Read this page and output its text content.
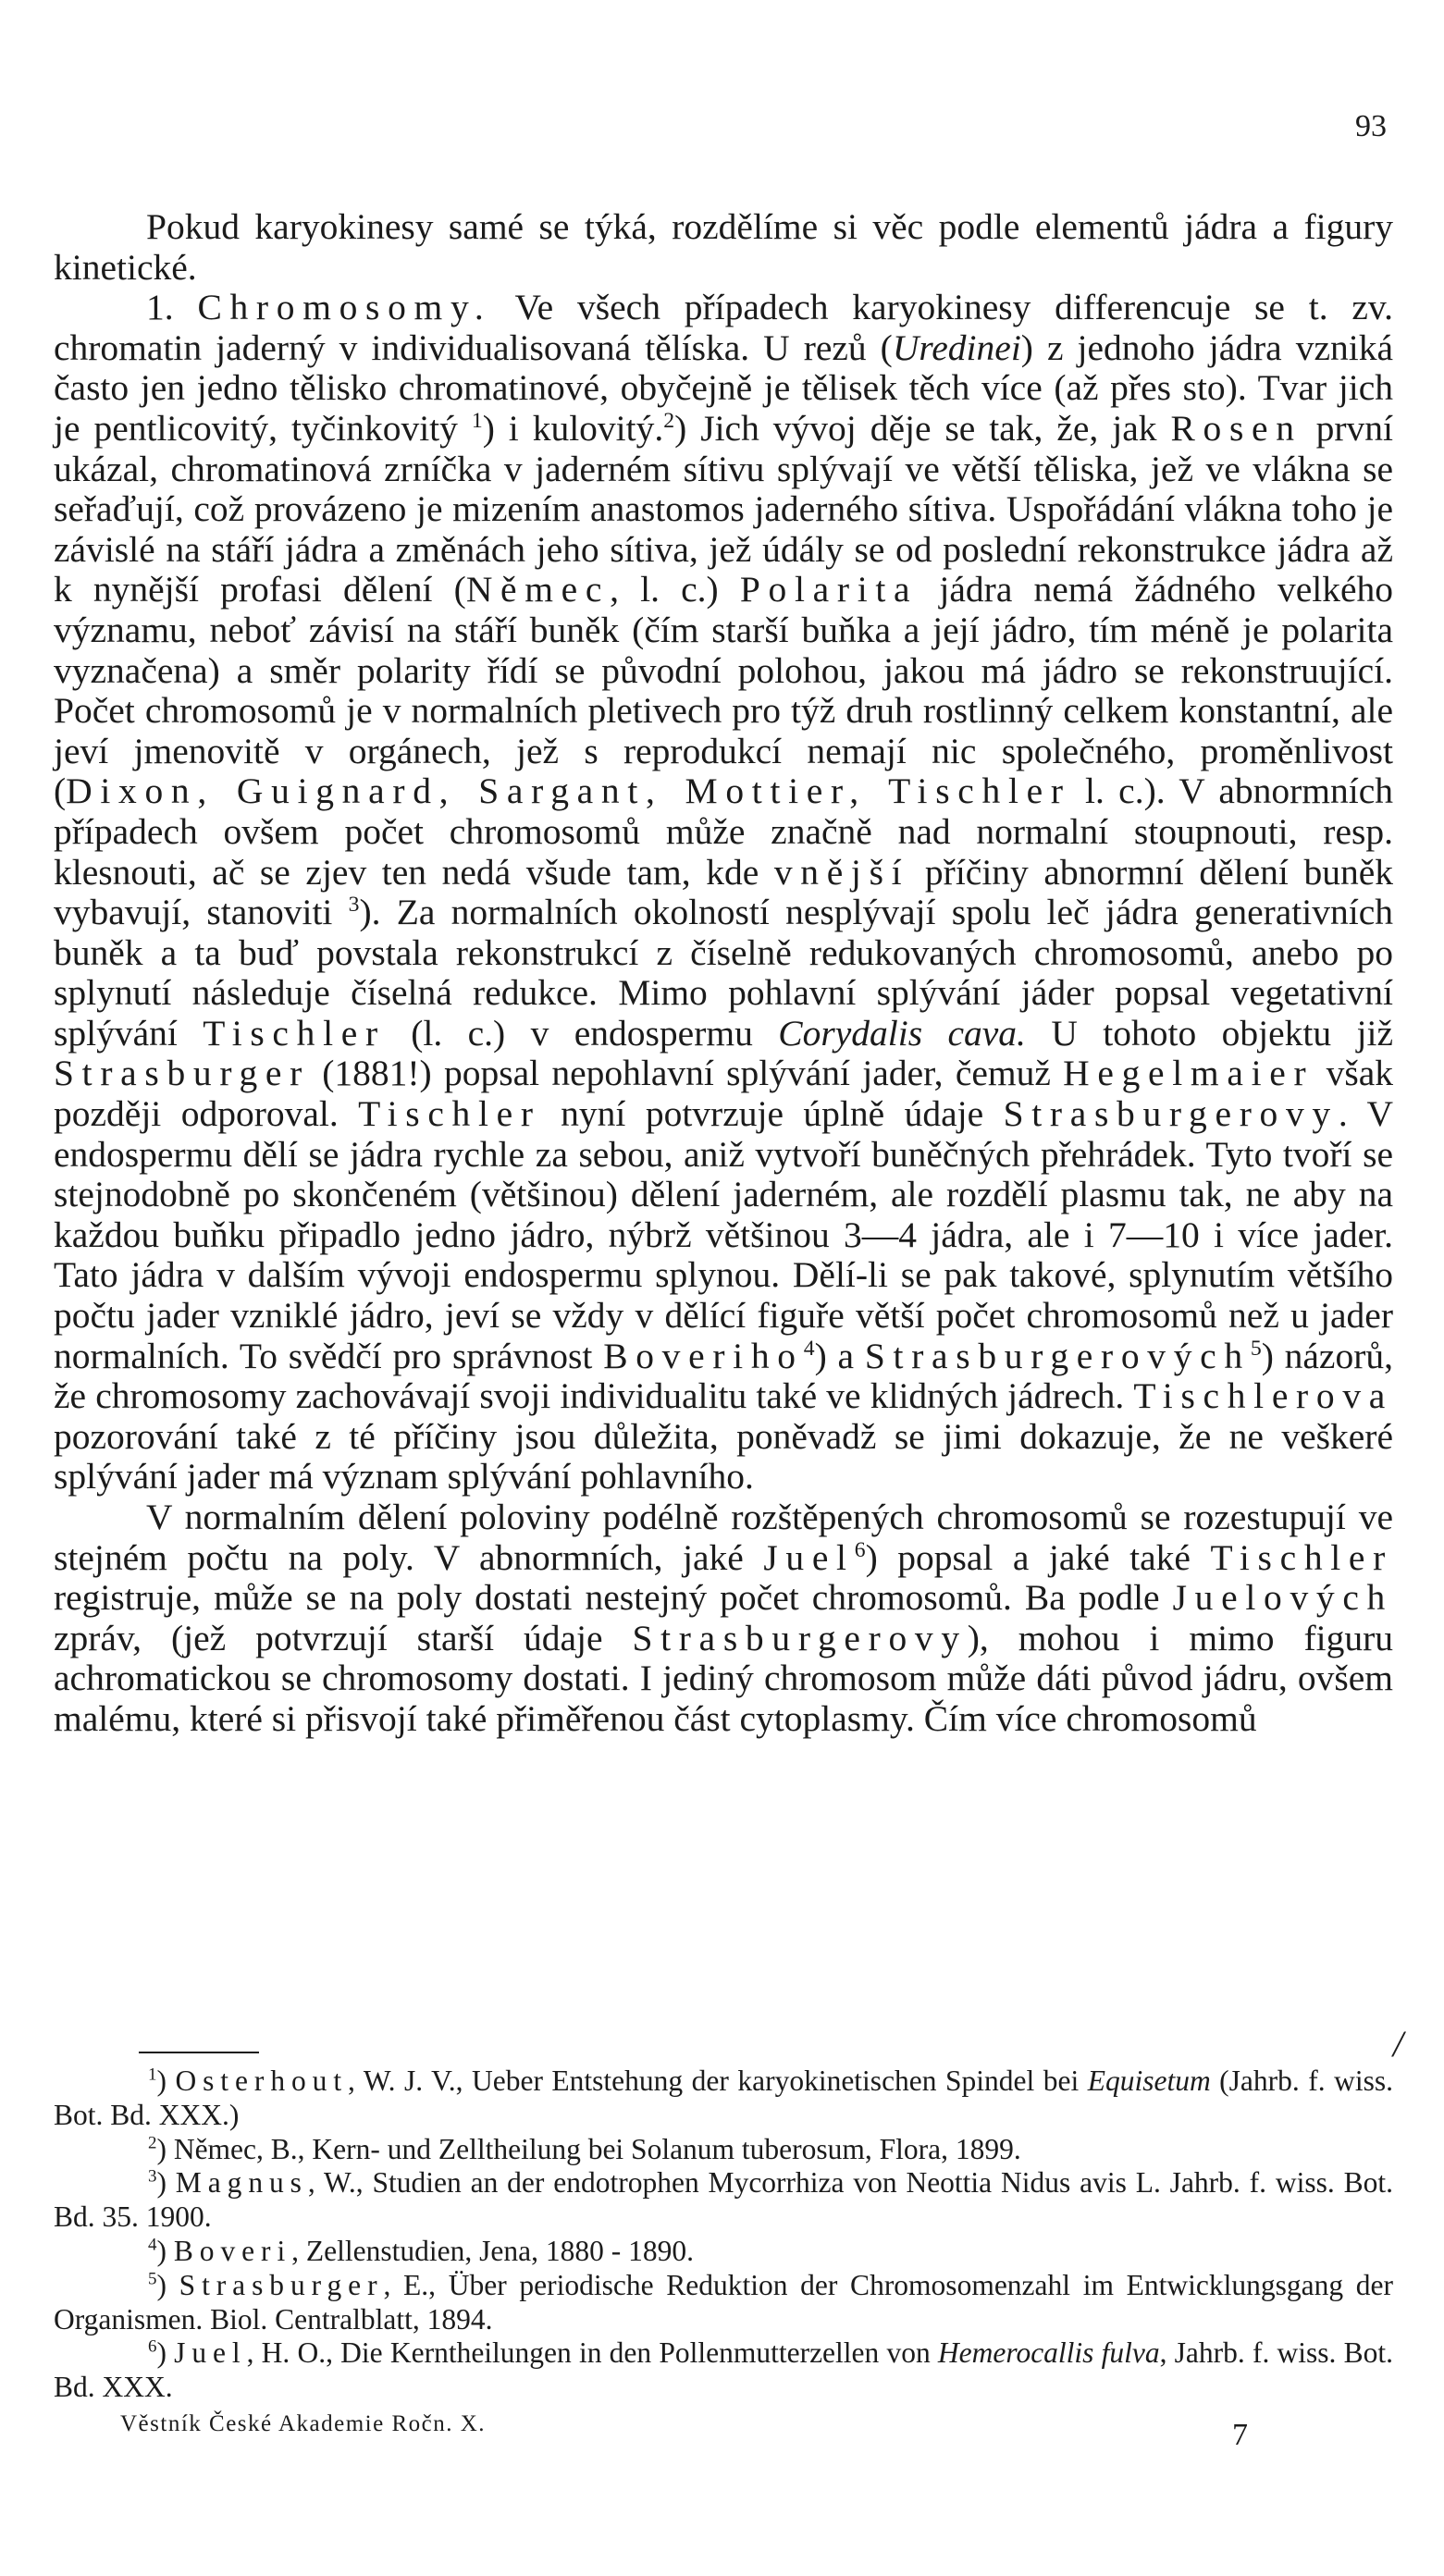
93

Pokud karyokinesy samé se týká, rozdělíme si věc podle elementů jádra a figury kinetické.

1. Chromosomy. Ve všech případech karyokinesy differencuje se t. zv. chromatin jaderný v individualisovaná tělíska. U rezů (Uredinei) z jednoho jádra vzniká často jen jedno tělisko chromatinové, obyčejně je tělisek těch více (až přes sto). Tvar jich je pentlicovitý, tyčinkovitý $^1$) i kulovitý.$^2$) Jich vývoj děje se tak, že, jak Rosen první ukázal, chromatinová zrníčka v jaderném sítivu splývají ve větší těliska, jež ve vlákna se seřaďují, což provázeno je mizením anastomos jaderného sítiva. Uspořádání vlákna toho je závislé na stáří jádra a změnách jeho sítiva, jež údály se od poslední rekonstrukce jádra až k nynější profasi dělení (Němec, l. c.) Polarita jádra nemá žádného velkého významu, neboť závisí na stáří buněk (čím starší buňka a její jádro, tím méně je polarita vyznačena) a směr polarity řídí se původní polohou, jakou má jádro se rekonstruující. Počet chromosomů je v normalních pletivech pro týž druh rostlinný celkem konstantní, ale jeví jmenovitě v orgánech, jež s reprodukcí nemají nic společného, proměnlivost (Dixon, Guignard, Sargant, Mottier, Tischler l. c.). V abnormních případech ovšem počet chromosomů může značně nad normalní stoupnouti, resp. klesnouti, ač se zjev ten nedá všude tam, kde vnější příčiny abnormní dělení buněk vybavují, stanoviti $^3$). Za normalních okolností nesplývají spolu leč jádra generativních buněk a ta buď povstala rekonstrukcí z číselně redukovaných chromosomů, anebo po splynutí následuje číselná redukce. Mimo pohlavní splývání jáder popsal vegetativní splývání Tischler (l. c.) v endospermu Corydalis cava. U tohoto objektu již Strasburger (1881!) popsal nepohlavní splývání jader, čemuž Hegelmaier však později odporoval. Tischler nyní potvrzuje úplně údaje Strasburgerovy. V endospermu dělí se jádra rychle za sebou, aniž vytvoří buněčných přehrádek. Tyto tvoří se stejnodobně po skončeném (většinou) dělení jaderném, ale rozdělí plasmu tak, ne aby na každou buňku připadlo jedno jádro, nýbrž většinou 3—4 jádra, ale i 7—10 i více jader. Tato jádra v dalším vývoji endospermu splynou. Dělí-li se pak takové, splynutím většího počtu jader vzniklé jádro, jeví se vždy v dělící figuře větší počet chromosomů než u jader normalních. To svědčí pro správnost Boveriho$^4$) a Strasburgerových$^5$) názorů, že chromosomy zachovávají svoji individualitu také ve klidných jádrech. Tischlerova pozorování také z té příčiny jsou důležita, poněvadž se jimi dokazuje, že ne veškeré splývání jader má význam splývání pohlavního.

V normalním dělení poloviny podélně rozštěpených chromosomů se rozestupují ve stejném počtu na poly. V abnormních, jaké Juel$^6$) popsal a jaké také Tischler registruje, může se na poly dostati nestejný počet chromosomů. Ba podle Juelových zpráv, (jež potvrzují starší údaje Strasburgerovy), mohou i mimo figuru achromatickou se chromosomy dostati. I jediný chromosom může dáti původ jádru, ovšem malému, které si přisvojí také přiměřenou část cytoplasmy. Čím více chromosomů

/

$^1$) Osterhout, W. J. V., Ueber Entstehung der karyokinetischen Spindel bei Equisetum (Jahrb. f. wiss. Bot. Bd. XXX.)

$^2$) Němec, B., Kern- und Zelltheilung bei Solanum tuberosum, Flora, 1899.

$^3$) Magnus, W., Studien an der endotrophen Mycorrhiza von Neottia Nidus avis L. Jahrb. f. wiss. Bot. Bd. 35. 1900.

$^4$) Boveri, Zellenstudien, Jena, 1880 - 1890.

$^5$) Strasburger, E., Über periodische Reduktion der Chromosomenzahl im Entwicklungsgang der Organismen. Biol. Centralblatt, 1894.

$^6$) Juel, H. O., Die Kerntheilungen in den Pollenmutterzellen von Hemerocallis fulva, Jahrb. f. wiss. Bot. Bd. XXX.

Věstník České Akademie Ročn. X.	7
